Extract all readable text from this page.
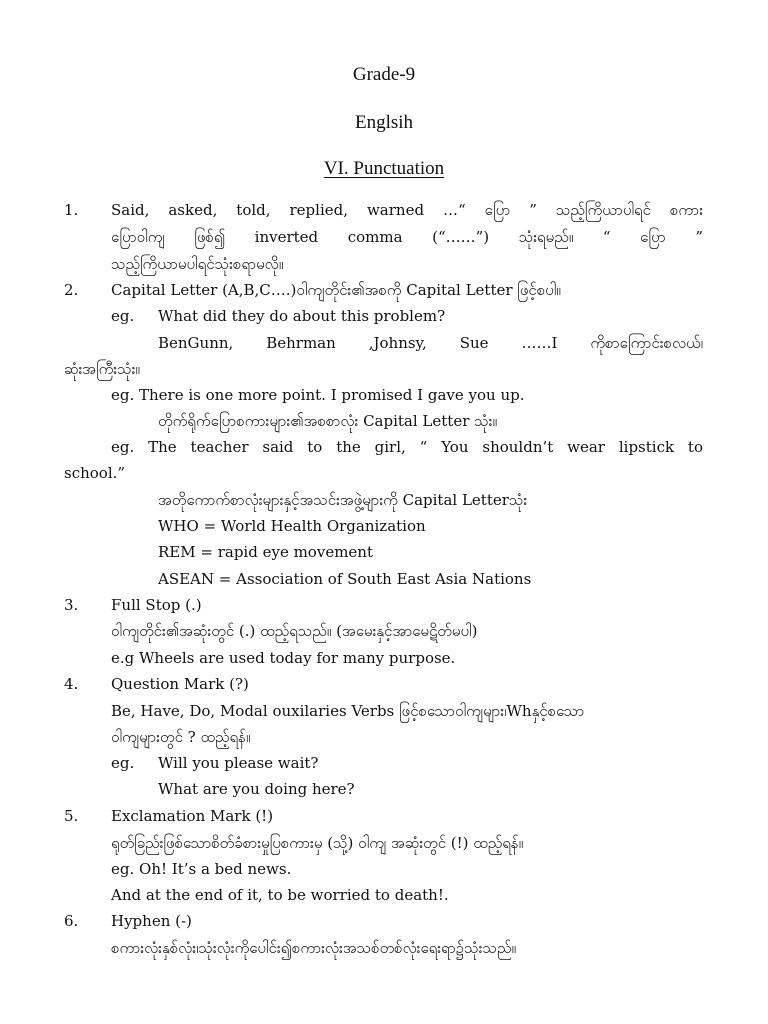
Grade-9
Englsih
VI. Punctuation
1. Said, asked, told, replied, warned …“ ပြော ” သည့်ကြိယာပါရင် စကား
ပြောဝါကျ ဖြစ်၍ inverted comma (“……”) သုံးရမည်။ “ ပြော ”
သည့်ကြိယာမပါရင်သုံးစရာမလို။
2. Capital Letter (A,B,C….)ဝါကျတိုင်း၏အစကို Capital Letter ဖြင့်စပါ။
eg. What did they do about this problem?
BenGunn, Behrman ,Johnsy, Sue ……I ကိုစာကြောင်းစလယ်၊
ဆုံးအကြီးသုံး။
eg. There is one more point. I promised I gave you up.
တိုက်ရိုက်ပြောစကားများ၏အစစာလုံး Capital Letter သုံး။
eg. The teacher said to the girl, “ You shouldn’t wear lipstick to
school.”
အတိုကောက်စာလုံးများနှင့်အသင်းအဖွဲ့များကို Capital Letterသုံး
WHO = World Health Organization
REM = rapid eye movement
ASEAN = Association of South East Asia Nations
3. Full Stop (.)
ဝါကျတိုင်း၏အဆုံးတွင် (.) ထည့်ရသည်။ (အမေးနှင့်အာမေဋိတ်မပါ)
e.g Wheels are used today for many purpose.
4. Question Mark (?)
Be, Have, Do, Modal ouxilaries Verbs ဖြင့်စသောဝါကျများ၊Whနှင့်စသော
ဝါကျများတွင် ? ထည့်ရန်။
eg. Will you please wait?
What are you doing here?
5. Exclamation Mark (!)
ရုတ်ခြည်းဖြစ်သောစိတ်ခံစားမှုပြစကားမှ (သို့) ဝါကျ အဆုံးတွင် (!) ထည့်ရန်။
eg. Oh! It’s a bed news.
And at the end of it, to be worried to death!.
6. Hyphen (-)
စကားလုံးနှစ်လုံး၊သုံးလုံးကိုပေါင်း၍စကားလုံးအသစ်တစ်လုံးရေးရာ၌သုံးသည်။
